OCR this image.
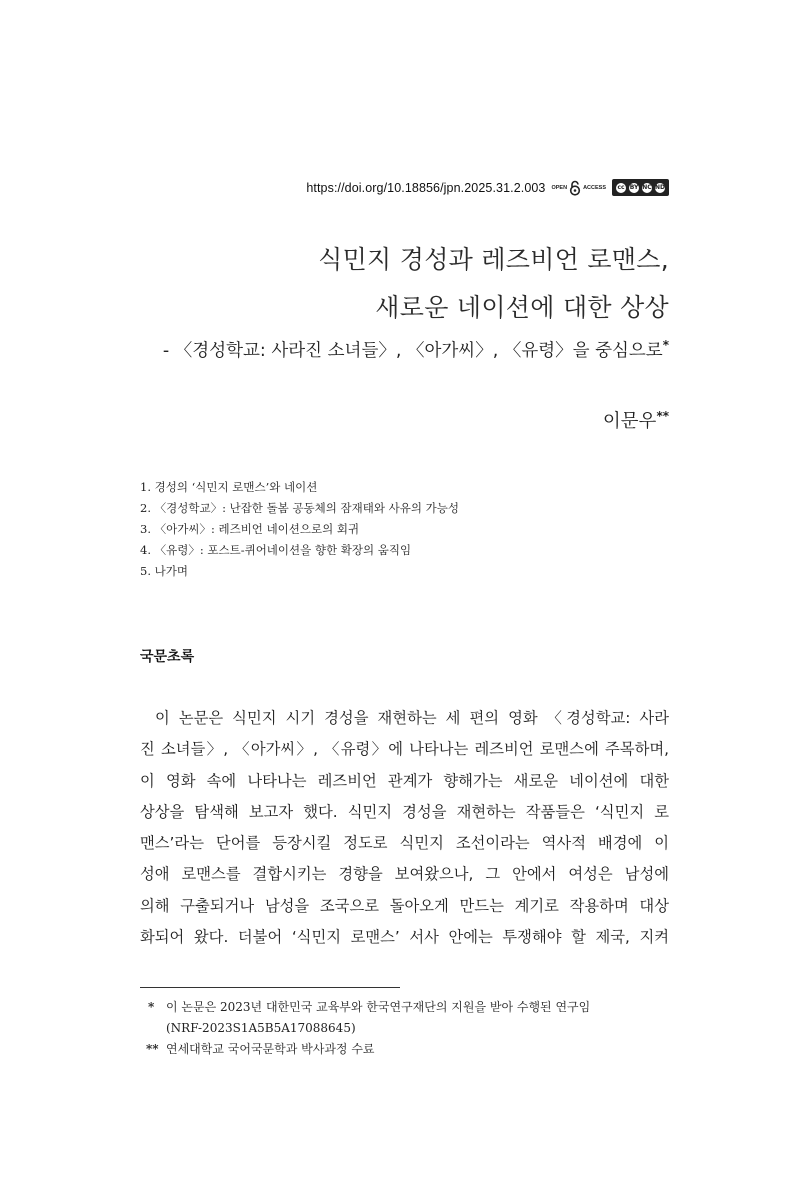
https://doi.org/10.18856/jpn.2025.31.2.003 OPEN	ACCESS	cc BY NC ND
식민지 경성과 레즈비언 로맨스,
새로운 네이션에 대한 상상
- 〈경성학교: 사라진 소녀들〉, 〈아가씨〉, 〈유령〉을 중심으로*
이문우**
1. 경성의 ‘식민지 로맨스’와 네이션
2. 〈경성학교〉: 난잡한 돌봄 공동체의 잠재태와 사유의 가능성
3. 〈아가씨〉: 레즈비언 네이션으로의 회귀
4. 〈유령〉: 포스트-퀴어네이션을 향한 확장의 움직임
5. 나가며
국문초록
이 논문은 식민지 시기 경성을 재현하는 세 편의 영화 〈경성학교: 사라
진 소녀들〉, 〈아가씨〉, 〈유령〉에 나타나는 레즈비언 로맨스에 주목하며,
이 영화 속에 나타나는 레즈비언 관계가 향해가는 새로운 네이션에 대한
상상을 탐색해 보고자 했다. 식민지 경성을 재현하는 작품들은 ‘식민지 로
맨스’라는 단어를 등장시킬 정도로 식민지 조선이라는 역사적 배경에 이
성애 로맨스를 결합시키는 경향을 보여왔으나, 그 안에서 여성은 남성에
의해 구출되거나 남성을 조국으로 돌아오게 만드는 계기로 작용하며 대상
화되어 왔다. 더불어 ‘식민지 로맨스’ 서사 안에는 투쟁해야 할 제국, 지켜
* 이 논문은 2023년 대한민국 교육부와 한국연구재단의 지원을 받아 수행된 연구임
(NRF-2023S1A5B5A17088645)
** 연세대학교 국어국문학과 박사과정 수료
